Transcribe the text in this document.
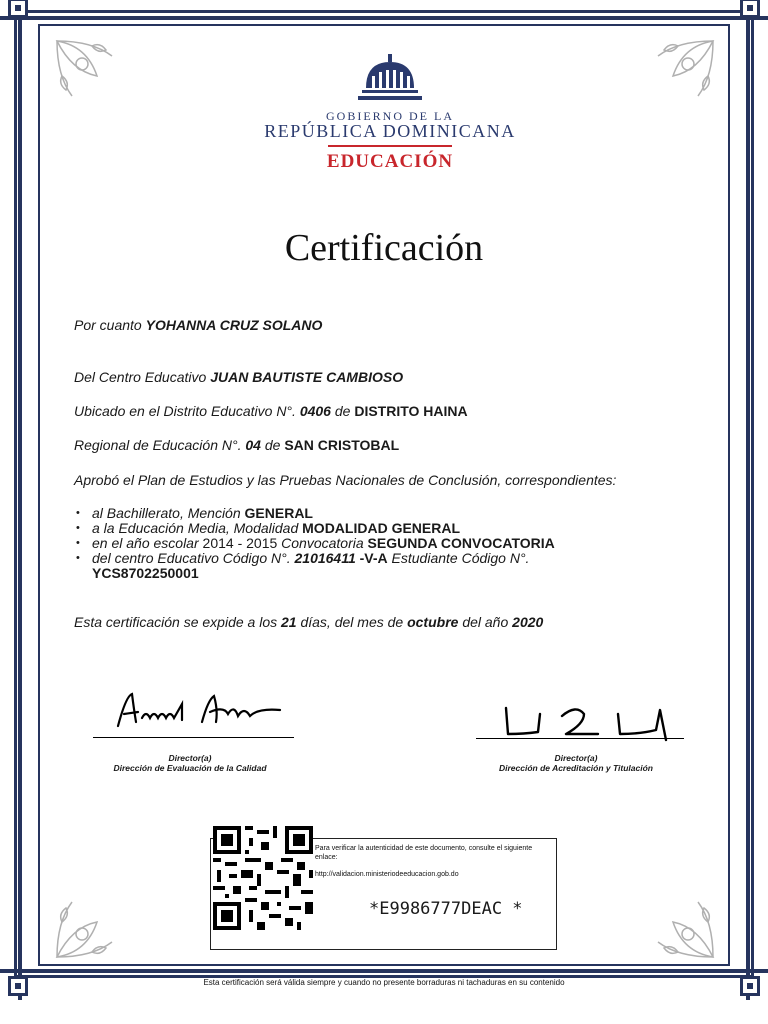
GOBIERNO DE LA
REPÚBLICA DOMINICANA
EDUCACIÓN
Certificación
Por cuanto YOHANNA CRUZ SOLANO
Del Centro Educativo JUAN BAUTISTE CAMBIOSO
Ubicado en el Distrito Educativo N°. 0406 de DISTRITO HAINA
Regional de Educación N°. 04 de SAN CRISTOBAL
Aprobó el Plan de Estudios y las Pruebas Nacionales de Conclusión, correspondientes:
• al Bachillerato, Mención GENERAL
• a la Educación Media, Modalidad MODALIDAD GENERAL
• en el año escolar 2014 - 2015 Convocatoria SEGUNDA CONVOCATORIA
• del centro Educativo Código N°. 21016411 -V-A Estudiante Código N°.
YCS8702250001
Esta certificación se expide a los 21 días, del mes de octubre del año 2020
Director(a)
Dirección de Evaluación de la Calidad
Director(a)
Dirección de Acreditación y Titulación
Para verificar la autenticidad de este documento, consulte el siguiente enlace:
http://validacion.ministeriodeeducacion.gob.do
*E9986777DEAC *
Esta certificación será válida siempre y cuando no presente borraduras ni tachaduras en su contenido
